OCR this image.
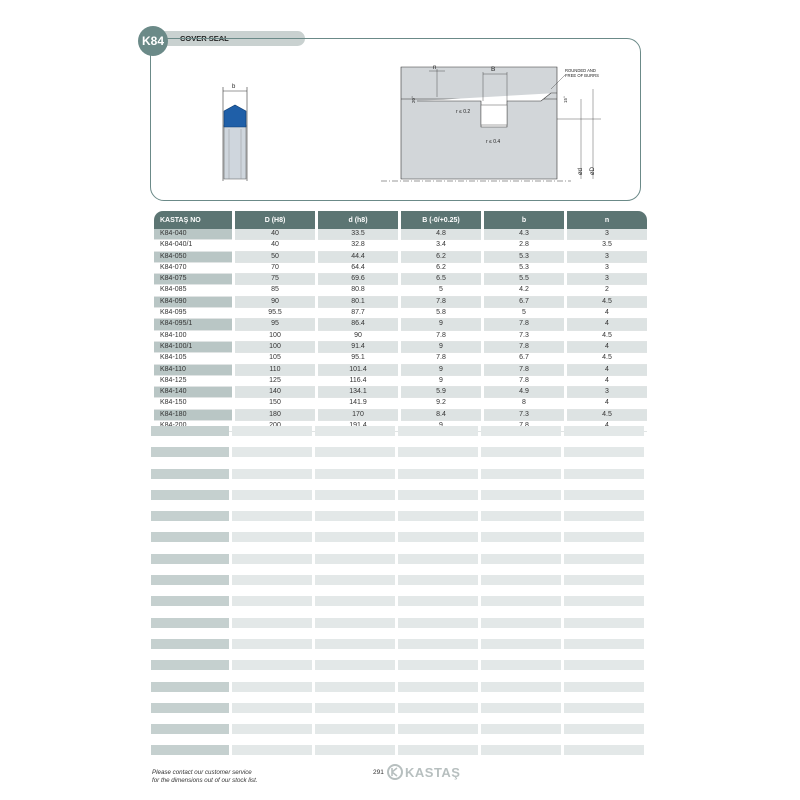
K84	COVER SEAL
b
n	B
20°	15°
r ≤ 0.2
r ≤ 0.4
ROUNDED AND
FREE OF BURRS
ød øD
KASTAŞ NO	D (H8)	d (h8)	B (-0/+0.25)	b	n
K84-040	40	33.5	4.8	4.3	3
K84-040/1	40	32.8	3.4	2.8	3.5
K84-050	50	44.4	6.2	5.3	3
K84-070	70	64.4	6.2	5.3	3
K84-075	75	69.6	6.5	5.5	3
K84-085	85	80.8	5	4.2	2
K84-090	90	80.1	7.8	6.7	4.5
K84-095	95.5	87.7	5.8	5	4
K84-095/1	95	86.4	9	7.8	4
K84-100	100	90	7.8	7.3	4.5
K84-100/1	100	91.4	9	7.8	4
K84-105	105	95.1	7.8	6.7	4.5
K84-110	110	101.4	9	7.8	4
K84-125	125	116.4	9	7.8	4
K84-140	140	134.1	5.9	4.9	3
K84-150	150	141.9	9.2	8	4
K84-180	180	170	8.4	7.3	4.5

Please contact our customer service
for the dimensions out of our stock list.
291 KASTAŞ
